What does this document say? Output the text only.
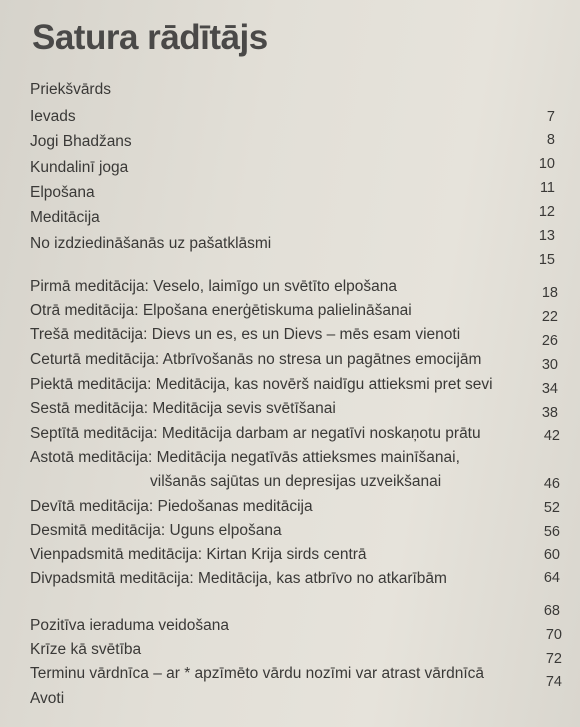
Satura rādītājs
Priekšvārds
Ievads
Jogi Bhadžans
Kundalinī joga
Elpošana
Meditācija
No izdziedināšanās uz pašatklāsmi
7
8
10
11
12
13
15
Pirmā meditācija: Veselo, laimīgo un svētīto elpošana
Otrā meditācija: Elpošana enerģētiskuma palielināšanai
Trešā meditācija: Dievs un es, es un Dievs – mēs esam vienoti
Ceturtā meditācija: Atbrīvošanās no stresa un pagātnes emocijām
Piektā meditācija: Meditācija, kas novērš naidīgu attieksmi pret sevi
Sestā meditācija: Meditācija sevis svētīšanai
Septītā meditācija: Meditācija darbam ar negatīvi noskaņotu prātu
Astotā meditācija: Meditācija negatīvās attieksmes mainīšanai,
vilšanās sajūtas un depresijas uzveikšanai
Devītā meditācija: Piedošanas meditācija
Desmitā meditācija: Uguns elpošana
Vienpadsmitā meditācija: Kirtan Krija sirds centrā
Divpadsmitā meditācija: Meditācija, kas atbrīvo no atkarībām
18
22
26
30
34
38
42
46
52
56
60
64
Pozitīva ieraduma veidošana
Krīze kā svētība
Terminu vārdnīca – ar * apzīmēto vārdu nozīmi var atrast vārdnīcā
Avoti
68
70
72
74
